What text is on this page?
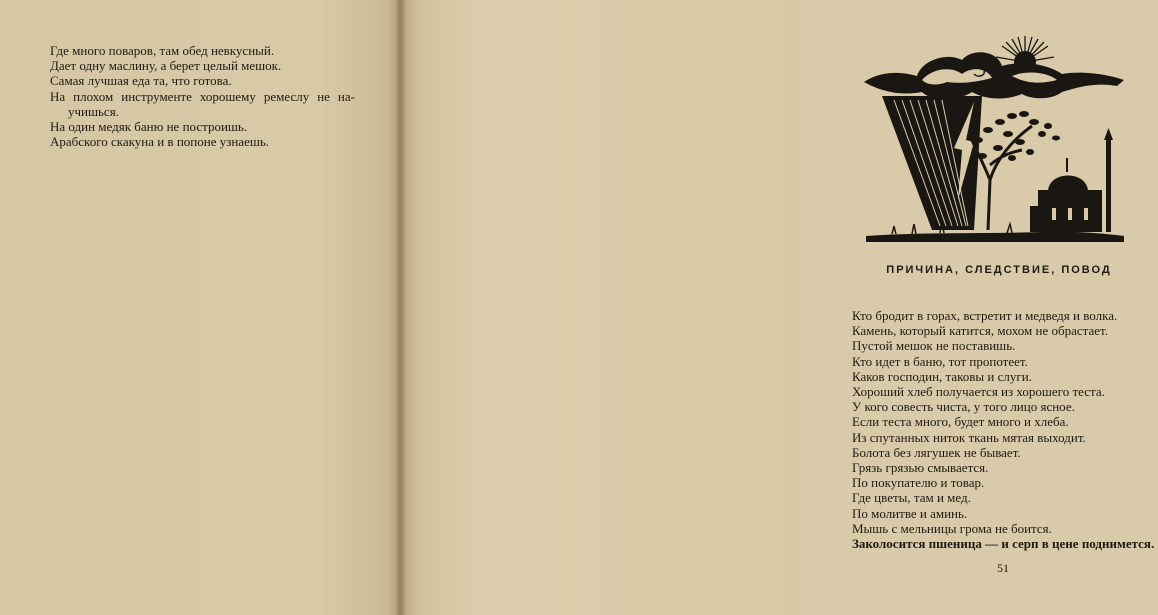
Где много поваров, там обед невкусный.
Дает одну маслину, а берет целый мешок.
Самая лучшая еда та, что готова.
На плохом инструменте хорошему ремеслу не на-
учишься.
На один медяк баню не построишь.
Арабского скакуна и в попоне узнаешь.
ПРИЧИНА, СЛЕДСТВИЕ, ПОВОД
Кто бродит в горах, встретит и медведя и волка.
Камень, который катится, мохом не обрастает.
Пустой мешок не поставишь.
Кто идет в баню, тот пропотеет.
Каков господин, таковы и слуги.
Хороший хлеб получается из хорошего теста.
У кого совесть чиста, у того лицо ясное.
Если теста много, будет много и хлеба.
Из спутанных ниток ткань мятая выходит.
Болота без лягушек не бывает.
Грязь грязью смывается.
По покупателю и товар.
Где цветы, там и мед.
По молитве и аминь.
Мышь с мельницы грома не боится.
Заколосится пшеница — и серп в цене поднимется.
51
